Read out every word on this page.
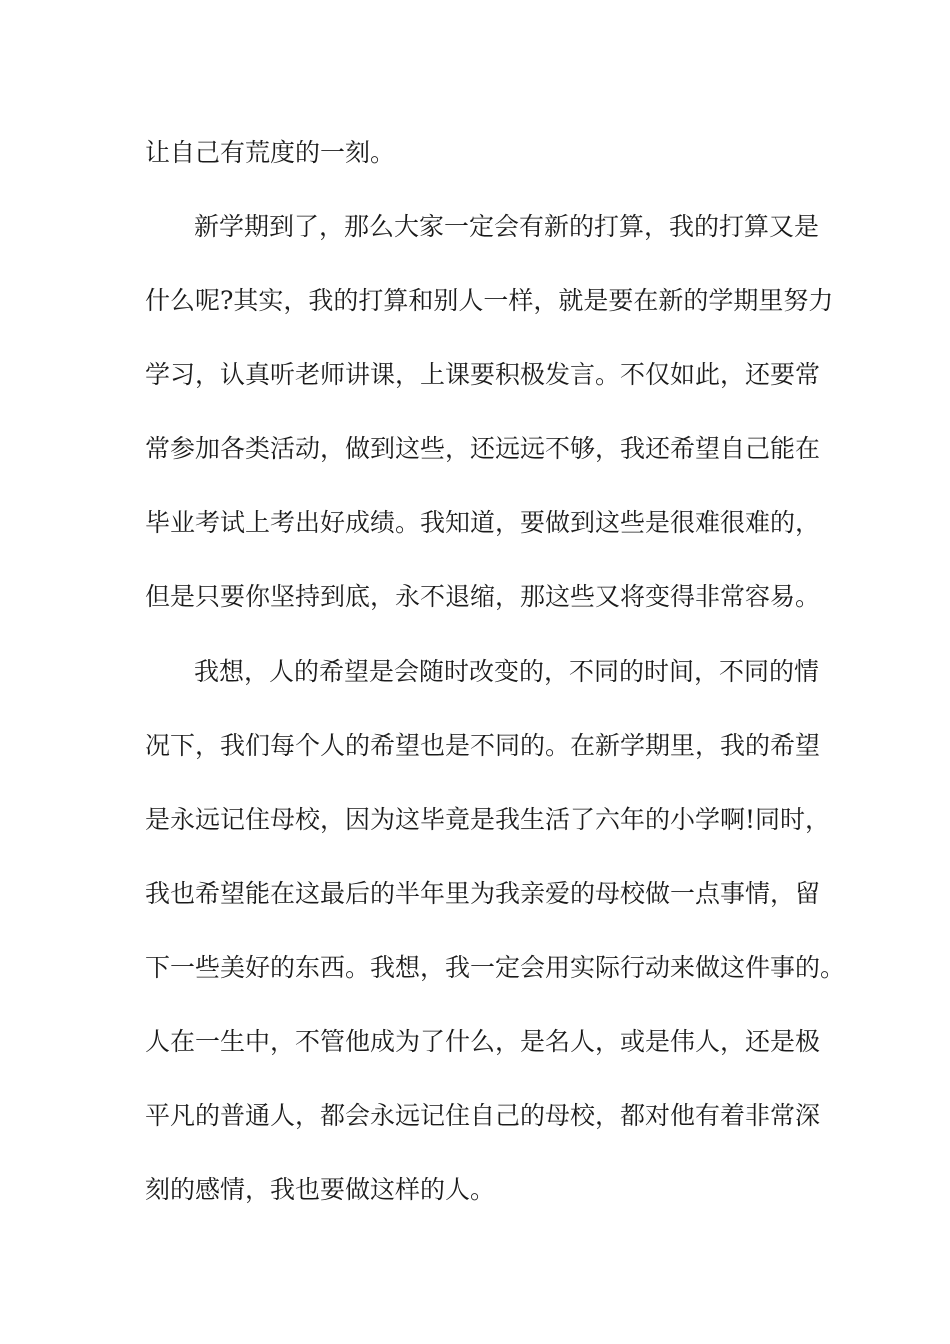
让自己有荒度的一刻。
新学期到了，那么大家一定会有新的打算，我的打算又是
什么呢?其实，我的打算和别人一样，就是要在新的学期里努力
学习，认真听老师讲课，上课要积极发言。不仅如此，还要常
常参加各类活动，做到这些，还远远不够，我还希望自己能在
毕业考试上考出好成绩。我知道，要做到这些是很难很难的，
但是只要你坚持到底，永不退缩，那这些又将变得非常容易。
我想，人的希望是会随时改变的，不同的时间，不同的情
况下，我们每个人的希望也是不同的。在新学期里，我的希望
是永远记住母校，因为这毕竟是我生活了六年的小学啊!同时，
我也希望能在这最后的半年里为我亲爱的母校做一点事情，留
下一些美好的东西。我想，我一定会用实际行动来做这件事的。
人在一生中，不管他成为了什么，是名人，或是伟人，还是极
平凡的普通人，都会永远记住自己的母校，都对他有着非常深
刻的感情，我也要做这样的人。
